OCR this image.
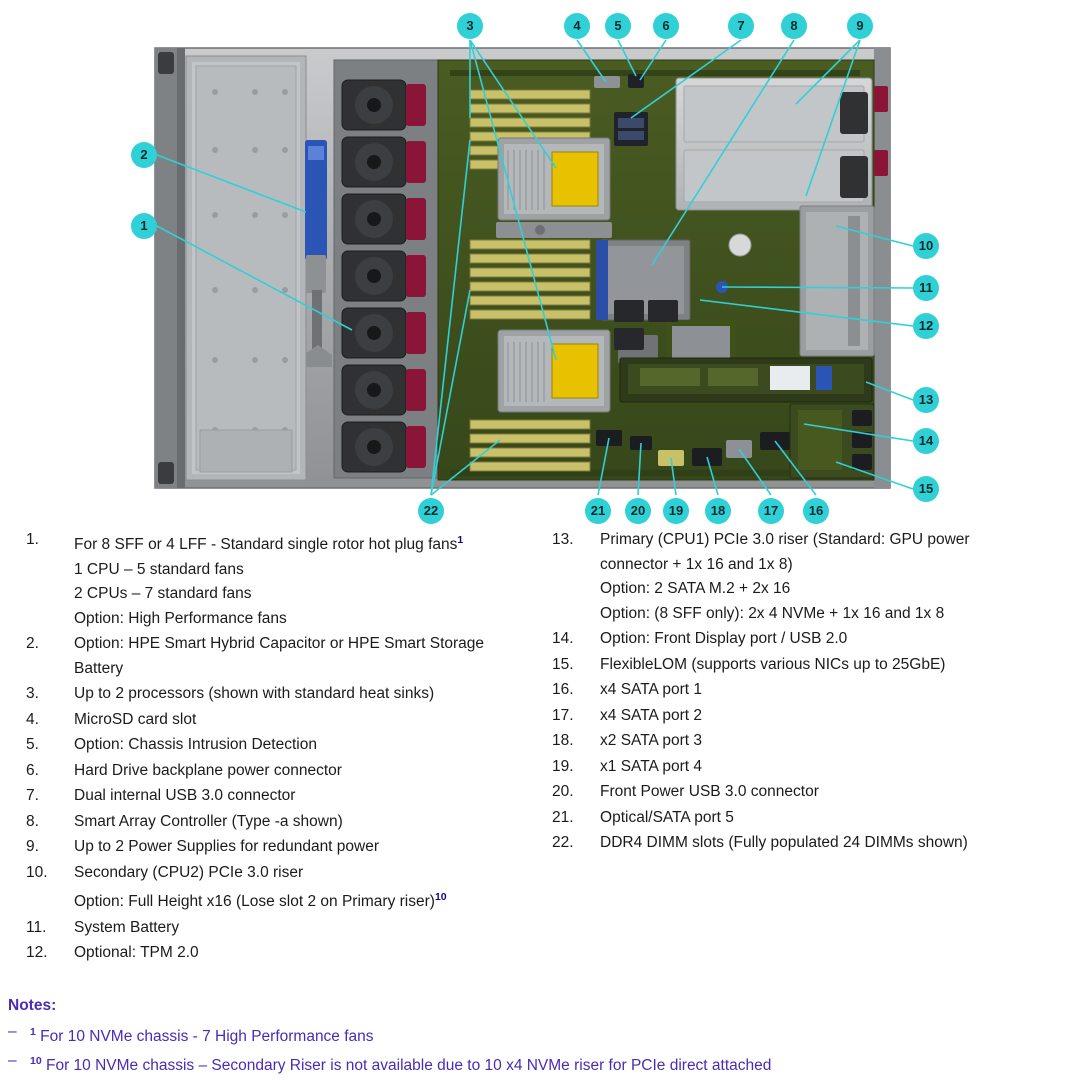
1
2
3	4	5	6	7	8	9
10
11
12
13
14
15
16
17
18
19
20
21
22
1.	For 8 SFF or 4 LFF - Standard single rotor hot plug fans$^1$
1 CPU – 5 standard fans
2 CPUs – 7 standard fans
Option: High Performance fans
2.	Option: HPE Smart Hybrid Capacitor or HPE Smart Storage
Battery
3.	Up to 2 processors (shown with standard heat sinks)
4.	MicroSD card slot
5.	Option: Chassis Intrusion Detection
6.	Hard Drive backplane power connector
7.	Dual internal USB 3.0 connector
8.	Smart Array Controller (Type -a shown)
9.	Up to 2 Power Supplies for redundant power
10.	Secondary (CPU2) PCIe 3.0 riser
Option: Full Height x16 (Lose slot 2 on Primary riser)$^{10}$
11.	System Battery
12.	Optional: TPM 2.0
13.	Primary (CPU1) PCIe 3.0 riser (Standard: GPU power
connector + 1x 16 and 1x 8)
Option: 2 SATA M.2 + 2x 16
Option: (8 SFF only): 2x 4 NVMe + 1x 16 and 1x 8
14.	Option: Front Display port / USB 2.0
15.	FlexibleLOM (supports various NICs up to 25GbE)
16.	x4 SATA port 1
17.	x4 SATA port 2
18.	x2 SATA port 3
19.	x1 SATA port 4
20.	Front Power USB 3.0 connector
21.	Optical/SATA port 5
22.	DDR4 DIMM slots (Fully populated 24 DIMMs shown)
Notes:
–	$^1$ For 10 NVMe chassis - 7 High Performance fans
–	$^{10}$ For 10 NVMe chassis – Secondary Riser is not available due to 10 x4 NVMe riser for PCIe direct attached
